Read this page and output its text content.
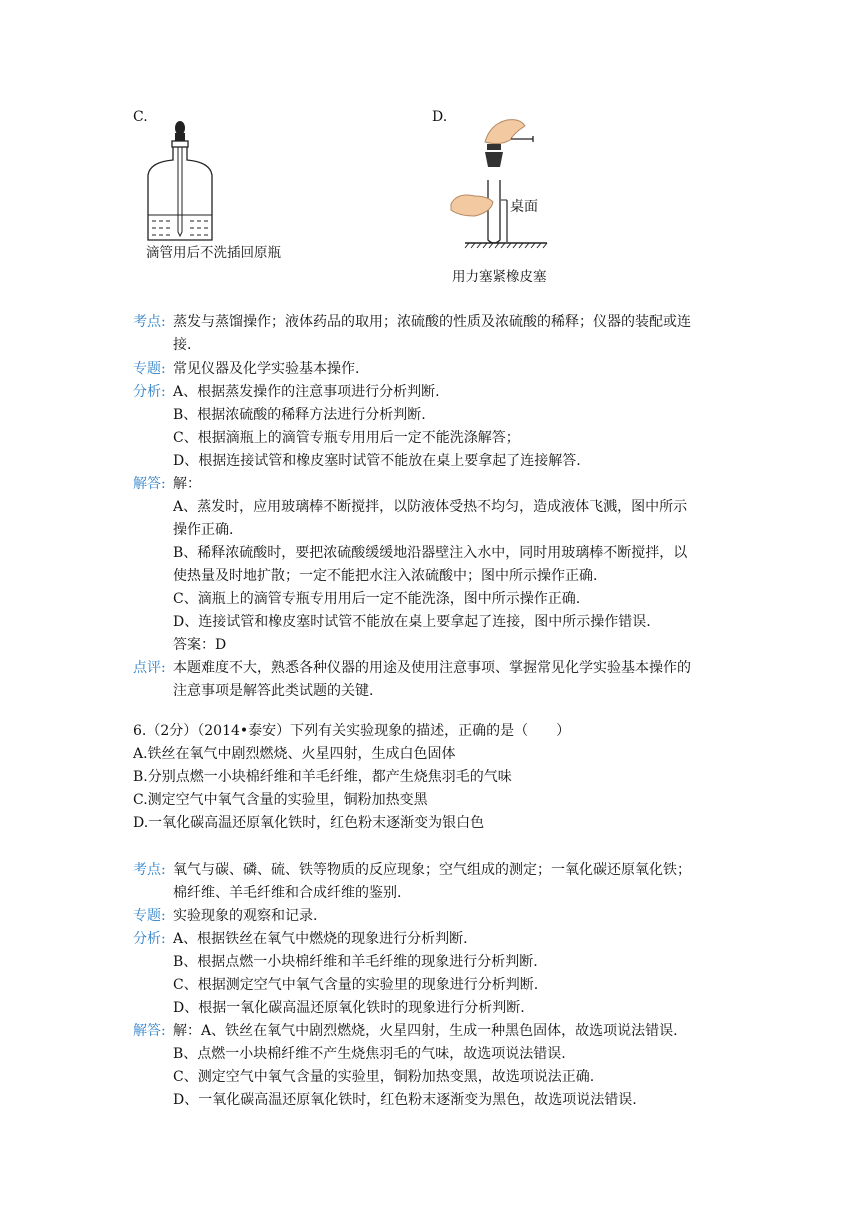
C.
滴管用后不洗插回原瓶
D.
桌面
用力塞紧橡皮塞
考点: 蒸发与蒸馏操作；液体药品的取用；浓硫酸的性质及浓硫酸的稀释；仪器的装配或连
接.
专题: 常见仪器及化学实验基本操作.
分析: A、根据蒸发操作的注意事项进行分析判断.
B、根据浓硫酸的稀释方法进行分析判断.
C、根据滴瓶上的滴管专瓶专用用后一定不能洗涤解答；
D、根据连接试管和橡皮塞时试管不能放在桌上要拿起了连接解答.
解答: 解：
A、蒸发时，应用玻璃棒不断搅拌，以防液体受热不均匀，造成液体飞溅，图中所示
操作正确.
B、稀释浓硫酸时，要把浓硫酸缓缓地沿器壁注入水中，同时用玻璃棒不断搅拌，以
使热量及时地扩散；一定不能把水注入浓硫酸中；图中所示操作正确.
C、滴瓶上的滴管专瓶专用用后一定不能洗涤，图中所示操作正确.
D、连接试管和橡皮塞时试管不能放在桌上要拿起了连接，图中所示操作错误.
答案：D
点评: 本题难度不大，熟悉各种仪器的用途及使用注意事项、掌握常见化学实验基本操作的
注意事项是解答此类试题的关键.
6.（2分）（2014•泰安）下列有关实验现象的描述，正确的是（　　）
A.铁丝在氧气中剧烈燃烧、火星四射，生成白色固体
B.分别点燃一小块棉纤维和羊毛纤维，都产生烧焦羽毛的气味
C.测定空气中氧气含量的实验里，铜粉加热变黑
D.一氧化碳高温还原氧化铁时，红色粉末逐渐变为银白色
考点: 氧气与碳、磷、硫、铁等物质的反应现象；空气组成的测定；一氧化碳还原氧化铁；
棉纤维、羊毛纤维和合成纤维的鉴别.
专题: 实验现象的观察和记录.
分析: A、根据铁丝在氧气中燃烧的现象进行分析判断.
B、根据点燃一小块棉纤维和羊毛纤维的现象进行分析判断.
C、根据测定空气中氧气含量的实验里的现象进行分析判断.
D、根据一氧化碳高温还原氧化铁时的现象进行分析判断.
解答: 解：A、铁丝在氧气中剧烈燃烧，火星四射，生成一种黑色固体，故选项说法错误.
B、点燃一小块棉纤维不产生烧焦羽毛的气味，故选项说法错误.
C、测定空气中氧气含量的实验里，铜粉加热变黑，故选项说法正确.
D、一氧化碳高温还原氧化铁时，红色粉末逐渐变为黑色，故选项说法错误.
